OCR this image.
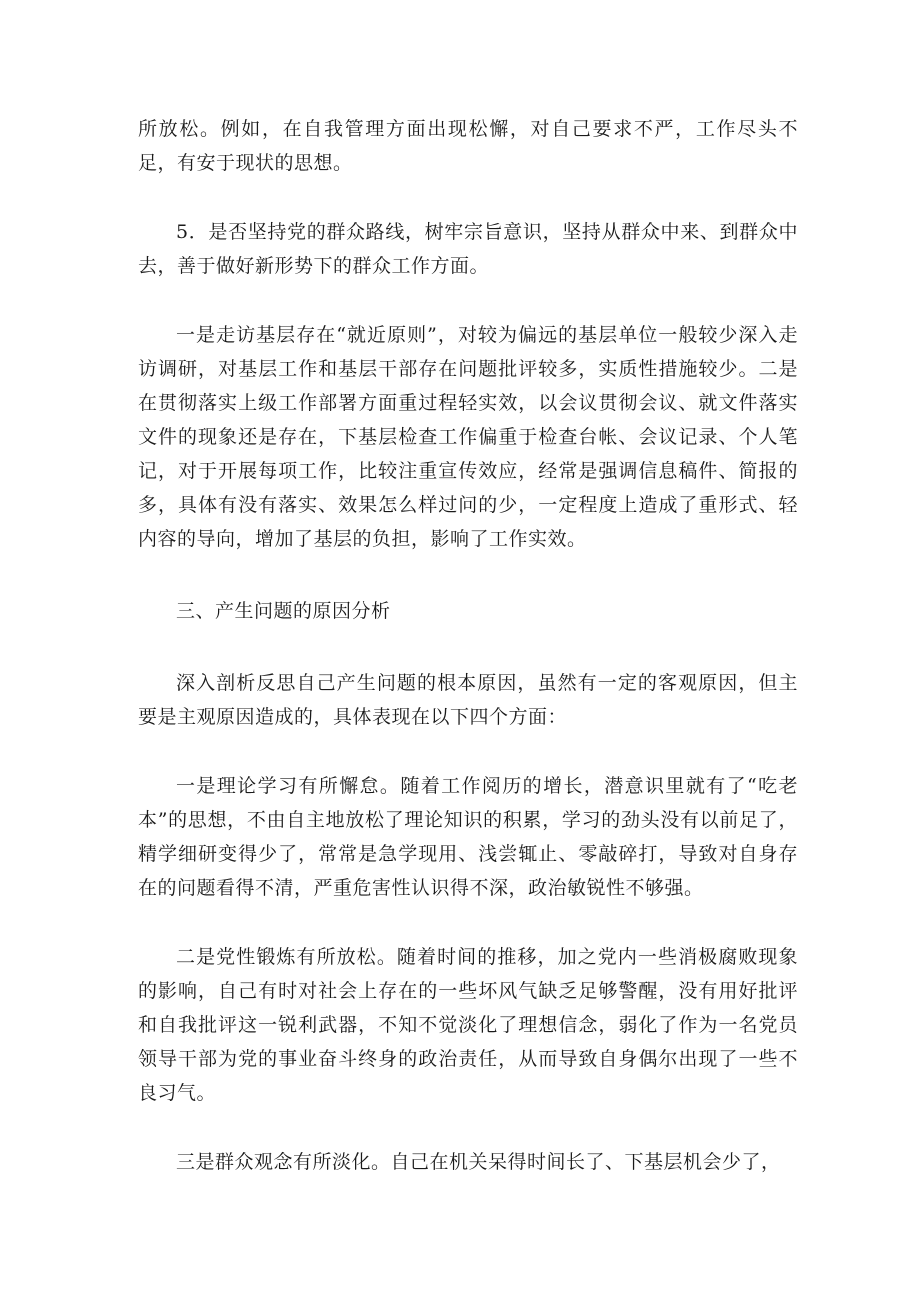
所放松。例如，在自我管理方面出现松懈，对自己要求不严，工作尽头不足，有安于现状的思想。

5．是否坚持党的群众路线，树牢宗旨意识，坚持从群众中来、到群众中去，善于做好新形势下的群众工作方面。

一是走访基层存在“就近原则”，对较为偏远的基层单位一般较少深入走访调研，对基层工作和基层干部存在问题批评较多，实质性措施较少。二是在贯彻落实上级工作部署方面重过程轻实效，以会议贯彻会议、就文件落实文件的现象还是存在，下基层检查工作偏重于检查台帐、会议记录、个人笔记，对于开展每项工作，比较注重宣传效应，经常是强调信息稿件、简报的多，具体有没有落实、效果怎么样过问的少，一定程度上造成了重形式、轻内容的导向，增加了基层的负担，影响了工作实效。

三、产生问题的原因分析

深入剖析反思自己产生问题的根本原因，虽然有一定的客观原因，但主要是主观原因造成的，具体表现在以下四个方面：

一是理论学习有所懈怠。随着工作阅历的增长，潜意识里就有了“吃老本”的思想，不由自主地放松了理论知识的积累，学习的劲头没有以前足了，精学细研变得少了，常常是急学现用、浅尝辄止、零敲碎打，导致对自身存在的问题看得不清，严重危害性认识得不深，政治敏锐性不够强。

二是党性锻炼有所放松。随着时间的推移，加之党内一些消极腐败现象的影响，自己有时对社会上存在的一些坏风气缺乏足够警醒，没有用好批评和自我批评这一锐利武器，不知不觉淡化了理想信念，弱化了作为一名党员领导干部为党的事业奋斗终身的政治责任，从而导致自身偶尔出现了一些不良习气。

三是群众观念有所淡化。自己在机关呆得时间长了、下基层机会少了，
